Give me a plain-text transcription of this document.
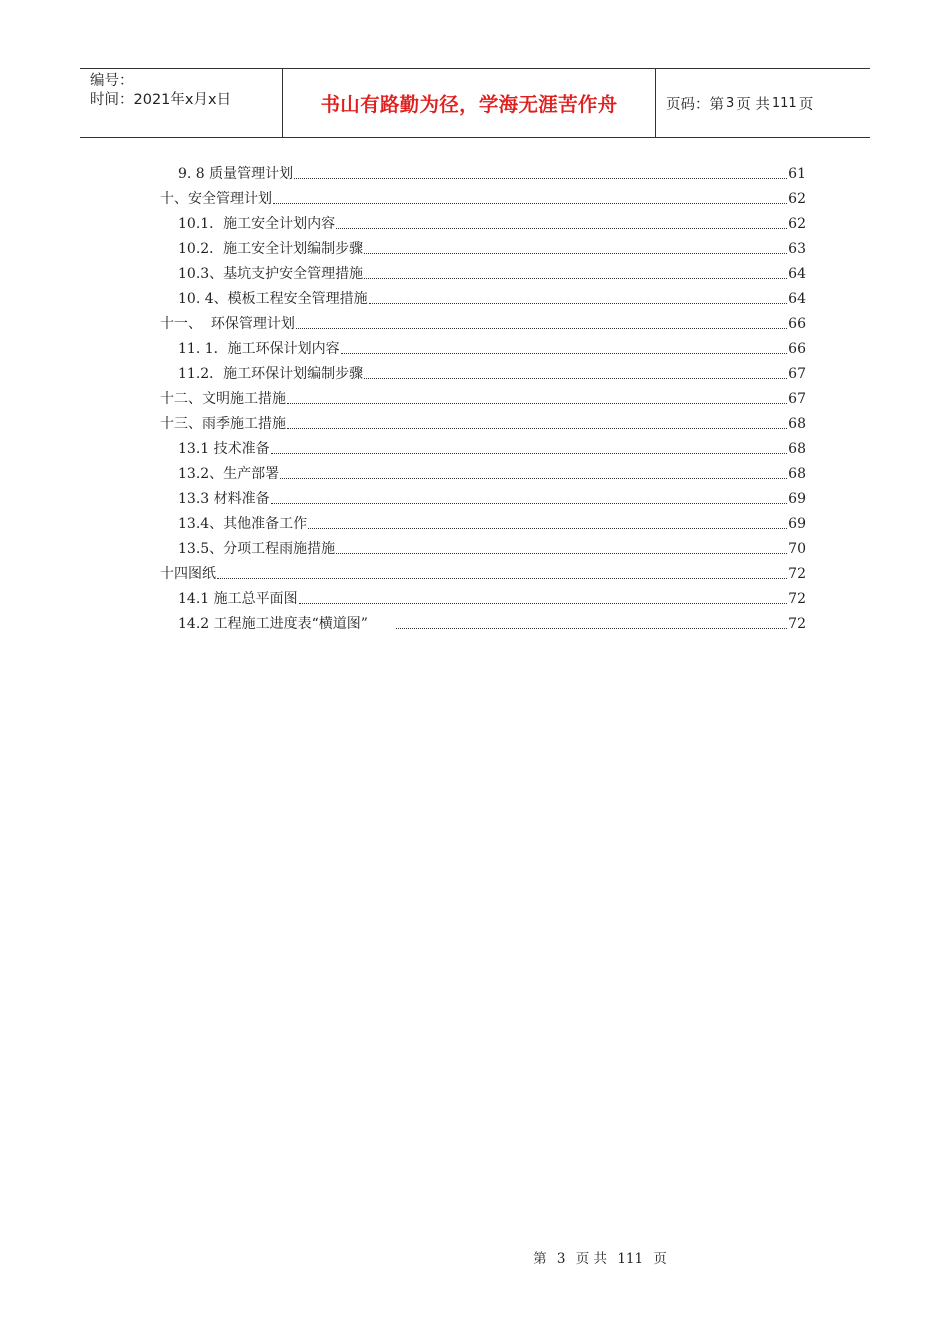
编号：
时间：2021年x月x日	书山有路勤为径，学海无涯苦作舟	页码：第 3 页 共 111 页
9. 8 质量管理计划	61
十、安全管理计划	62
10.1．施工安全计划内容	62
10.2．施工安全计划编制步骤	63
10.3、基坑支护安全管理措施	64
10. 4、模板工程安全管理措施	64
十一、  环保管理计划	66
11. 1．施工环保计划内容	66
11.2．施工环保计划编制步骤	67
十二、文明施工措施	67
十三、雨季施工措施	68
13.1 技术准备	68
13.2、生产部署	68
13.3 材料准备	69
13.4、其他准备工作	69
13.5、分项工程雨施措施	70
十四图纸	72
14.1 施工总平面图	72
14.2 工程施工进度表“横道图”	72
第 3 页 共 111 页
